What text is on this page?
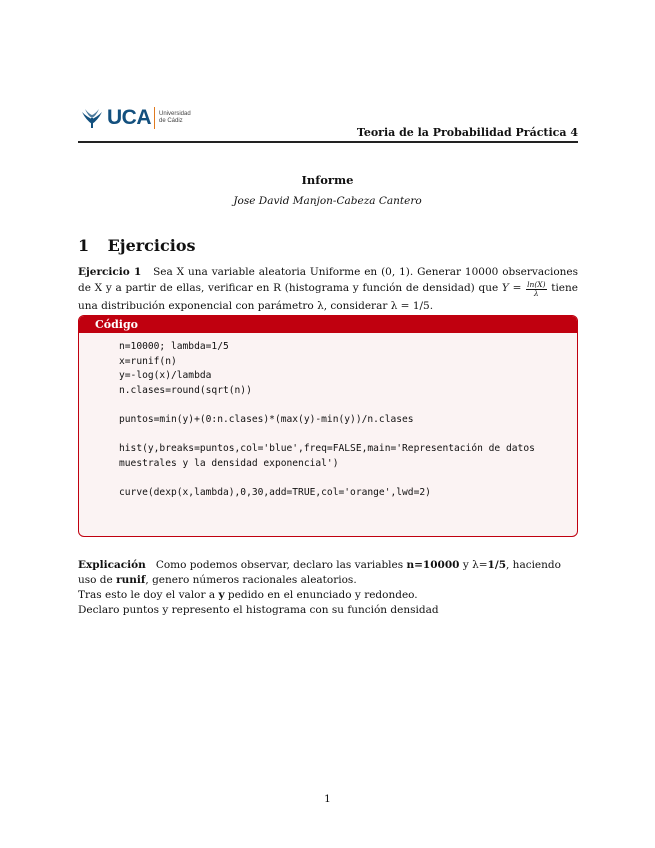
UCA Universidad
de Cádiz
Teoria de la Probabilidad Práctica 4
Informe
Jose David Manjon-Cabeza Cantero
1 Ejercicios
Ejercicio 1 Sea X una variable aleatoria Uniforme en (0, 1). Generar 10000 observaciones de X y a partir de ellas, verificar en R (histograma y función de densidad) que $Y = \frac{\ln(X)}{\lambda}$ tiene una distribución exponencial con parámetro λ, considerar λ = 1/5.
Código
n=10000; lambda=1/5
x=runif(n)
y=-log(x)/lambda
n.clases=round(sqrt(n))
puntos=min(y)+(0:n.clases)*(max(y)-min(y))/n.clases
hist(y,breaks=puntos,col='blue',freq=FALSE,main='Representación de datos
muestrales y la densidad exponencial')
curve(dexp(x,lambda),0,30,add=TRUE,col='orange',lwd=2)

Explicación Como podemos observar, declaro las variables n=10000 y λ=1/5, haciendo uso de runif, genero números racionales aleatorios.

Tras esto le doy el valor a y pedido en el enunciado y redondeo.

Declaro puntos y represento el histograma con su función densidad

1
